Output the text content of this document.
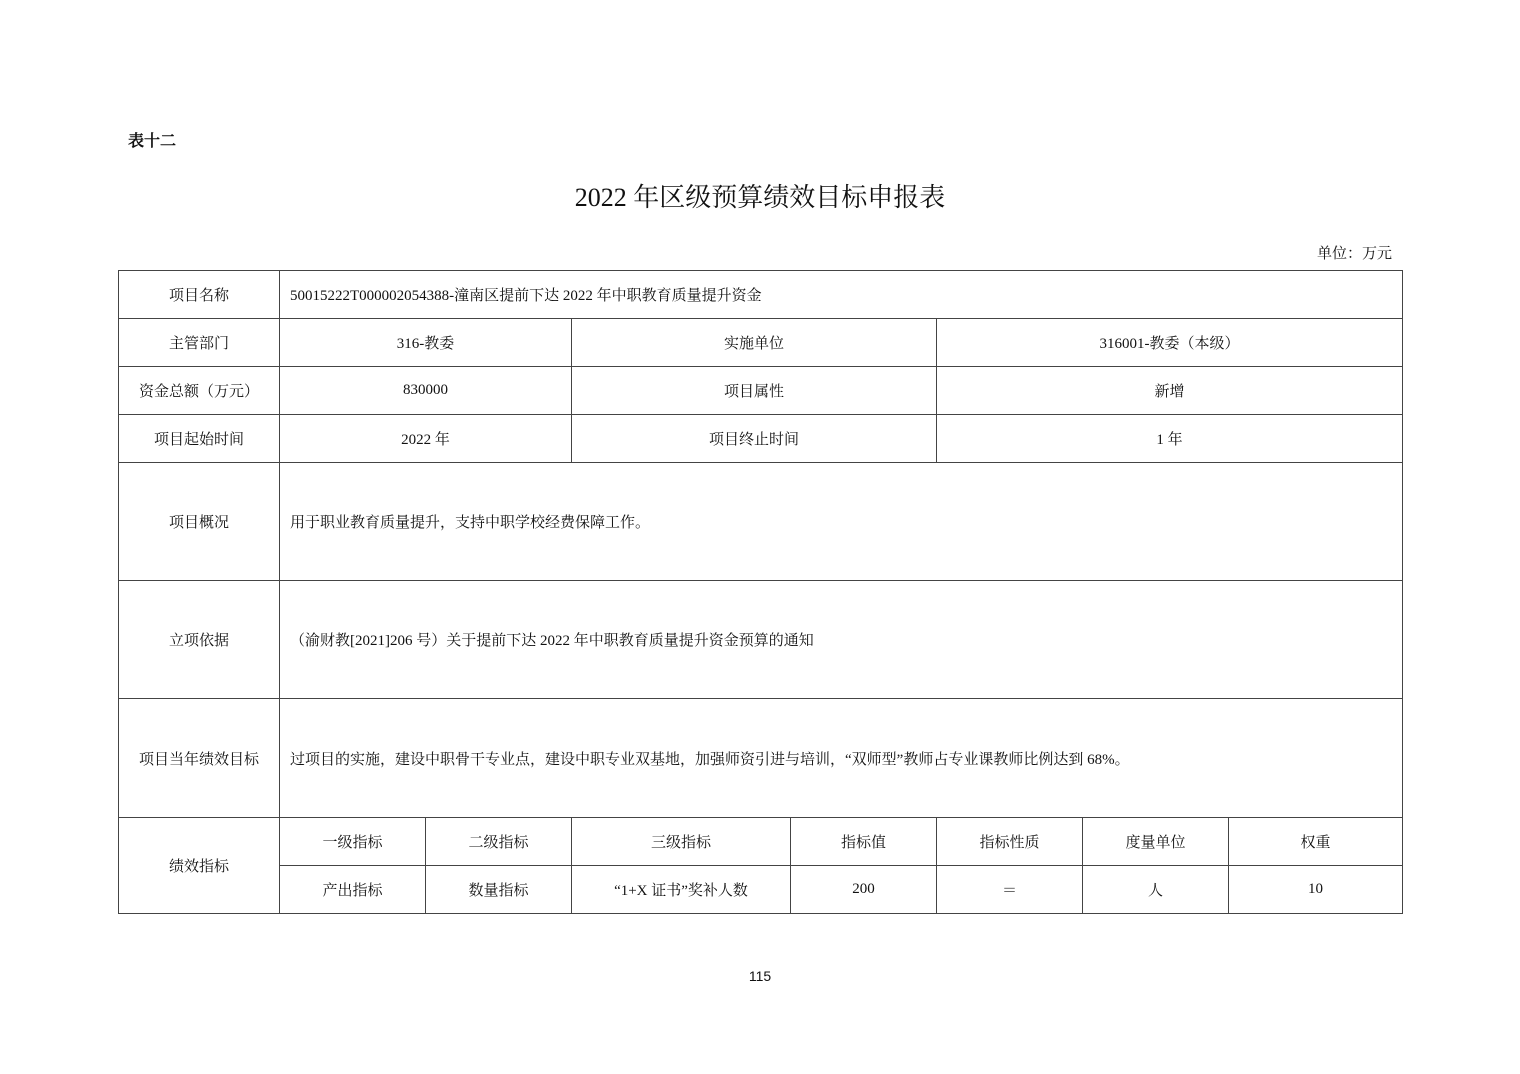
表十二
2022 年区级预算绩效目标申报表
单位：万元
项目名称	50015222T000002054388-潼南区提前下达 2022 年中职教育质量提升资金						
主管部门	316-教委		实施单位		316001-教委（本级）		
资金总额（万元）	830000		项目属性		新增		
项目起始时间	2022 年		项目终止时间		1 年		
项目概况	用于职业教育质量提升，支持中职学校经费保障工作。						
立项依据	（渝财教[2021]206 号）关于提前下达 2022 年中职教育质量提升资金预算的通知						
项目当年绩效目标	过项目的实施，建设中职骨干专业点，建设中职专业双基地，加强师资引进与培训，“双师型”教师占专业课教师比例达到 68%。						
绩效指标	一级指标	二级指标	三级指标	指标值	指标性质	度量单位	权重
	产出指标	数量指标	“1+X 证书”奖补人数	200	＝	人	10
115
